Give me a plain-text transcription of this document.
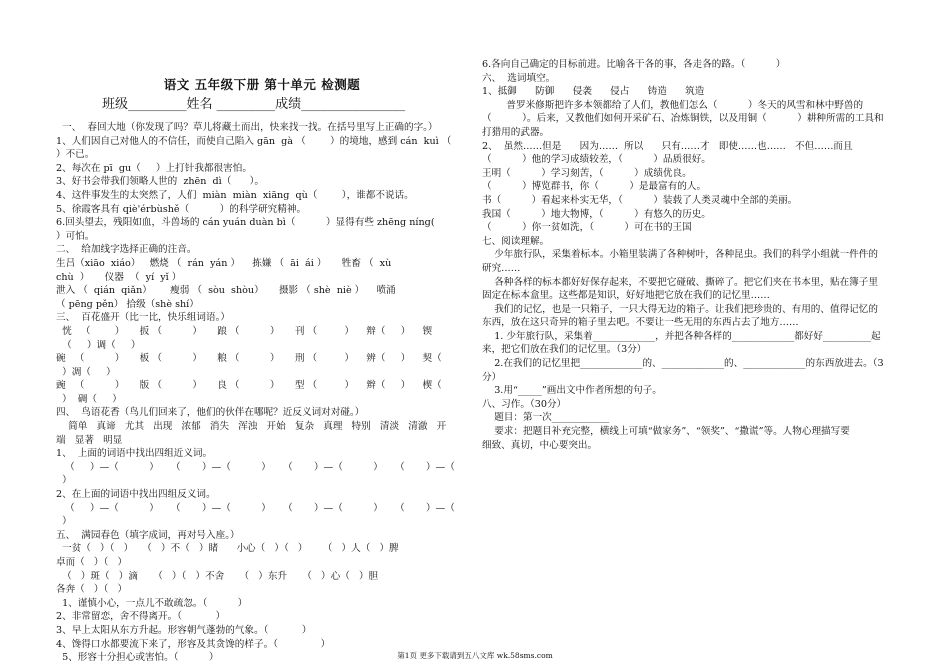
语文 五年级下册 第十单元 检测题
班级_________姓名 _________成绩________________
一、  春回大地（你发现了吗？草儿将藏土而出，快来找一找。在括号里写上正确的字。）
1、人们因自己对他人的不信任，而使自己陷入 gān  gà （        ）的境地，感到 cán  kuì （
）不已。
2、每次在 pī  gu（     ）上打针我都很害怕。
3、好书会带我们领略人世的  zhēn  dì（      ）。
4、这件事发生的太突然了，人们  miàn  miàn  xiāng  qù（        ），谁都不说话。
5、徐霞客具有 qiè'érbùshě（          ）的科学研究精神。
6.回头望去，残阳如血，斗兽场的 cán yuán duàn bì（          ）显得有些 zhēng níng(
）可怕。
二、  给加线字选择正确的注音。
生吕（xiāo  xiáo）   燃烧 （  rán  yán ）    拣嫌 （  āi  ái ）     牲畜 （  xù
chù  ）     仪器  （  yí  yǐ ）
泄入 （  qián  qiǎn）      瘦弱 （  sòu  shòu）     摄影 （ shè  niè ）    喷涌
（ pēng pěn） 拾级（shè shí）
三、  百花盛开（比一比，快乐组词语。）
恍   （        ）     扳 （          ）     踉 （          ）     刊 （         ）    辩（     ）    锲
（     ）调（     ）
碗   （          ）     板 （          ）     粮 （          ）     刑 （         ）    辨（     ）    契（
）凋（     ）
豌   （          ）     版 （          ）     良 （          ）     型 （         ）    辫（     ）    楔（
）  碉（     ）
四、  鸟语花香（鸟儿们回来了，他们的伙伴在哪呢？近反义词对对碰。）
简单   真谛   尤其   出现   浓郁   消失   浑浊   开始   复杂   真理   特别   清淡   清澈   开
端   显著   明显
1、  上面的词语中找出四组近义词。
（     ）—（          ）    （       ）—（          ）    （       ）—（          ）    （       ）—（
）
2、在上面的词语中找出四组反义词。
（     ）—（          ）    （       ）—（          ）    （       ）—（          ）    （       ）—（
）
五、  满园春色（填字成词，再对号入座。）
一贫（   ）（   ）   （   ）不（   ）睹      小心（   ）（   ）     （   ）人（   ）脾
卓而（   ）（   ）
（   ）斑（   ）滴     （   ）（   ）不舍     （   ）东升     （   ）心（   ）胆
各奔（   ）（   ）
1、谨慎小心，一点儿不敢疏忽。（          ）
2、非常留恋，舍不得离开。（           ）
3、早上太阳从东方升起。形容朝气蓬勃的气象。（           ）
4、馋得口水都要流下来了，形容及其贪馋的样子。（              ）
5、形容十分担心或害怕。（          ）
6.各向自己确定的目标前进。比喻各干各的事，各走各的路。（          ）
六、  选词填空。
1、抵御      防御      侵袭      侵占      铸造      筑造
普罗米修斯把许多本领都给了人们，教他们怎么（          ）冬天的风雪和林中野兽的
（          ）。后来，又教他们如何开采矿石、冶炼铜铁，以及用铜（          ）耕种所需的工具和
打猎用的武器。
2、  虽然……但是      因为……  所以      只有……才   即使……也……   不但……而且
（          ）他的学习成绩较差，（          ）品质很好。
王明（          ）学习刻苦，（          ）成绩优良。
（          ）博览群书，你（          ）是最富有的人。
书（          ）看起来朴实无华，（          ）装载了人类灵魂中全部的美丽。
我国（          ）地大物博，（          ）有悠久的历史。
（          ）你一贫如洗，（          ）可在书的王国
七、阅读理解。
少年旅行队，采集着标本。小箱里装满了各种树叶，各种昆虫。我们的科学小组就一件件的
研究……
各种各样的标本都好好保存起来，不要把它碰破、撕碎了。把它们夹在书本里，贴在簿子里
固定在标本盒里。这些都是知识，好好地把它放在我们的记忆里……
我们的记忆，也是一只箱子，一只大得无边的箱子。让我们把珍贵的、有用的、值得记忆的
东西，放在这只奇异的箱子里去吧。不要让一些无用的东西占去了地方……
1. 少年旅行队，采集着_____________，并把各种各样的_____________都好好__________起
来，把它们放在我们的记忆里。（3分）
2.在我们的记忆里把_____________的、_____________的、_____________的东西放进去。（3
分）
3.用“_____”画出文中作者所想的句子。
八、习作。（30分）
题目：第一次____________
要求：把题目补充完整，横线上可填“做家务”、“领奖”、“撒谎”等。人物心理描写要
细致、真切，中心要突出。
第1页 更多下载请到五八文库 wk.58sms.com
